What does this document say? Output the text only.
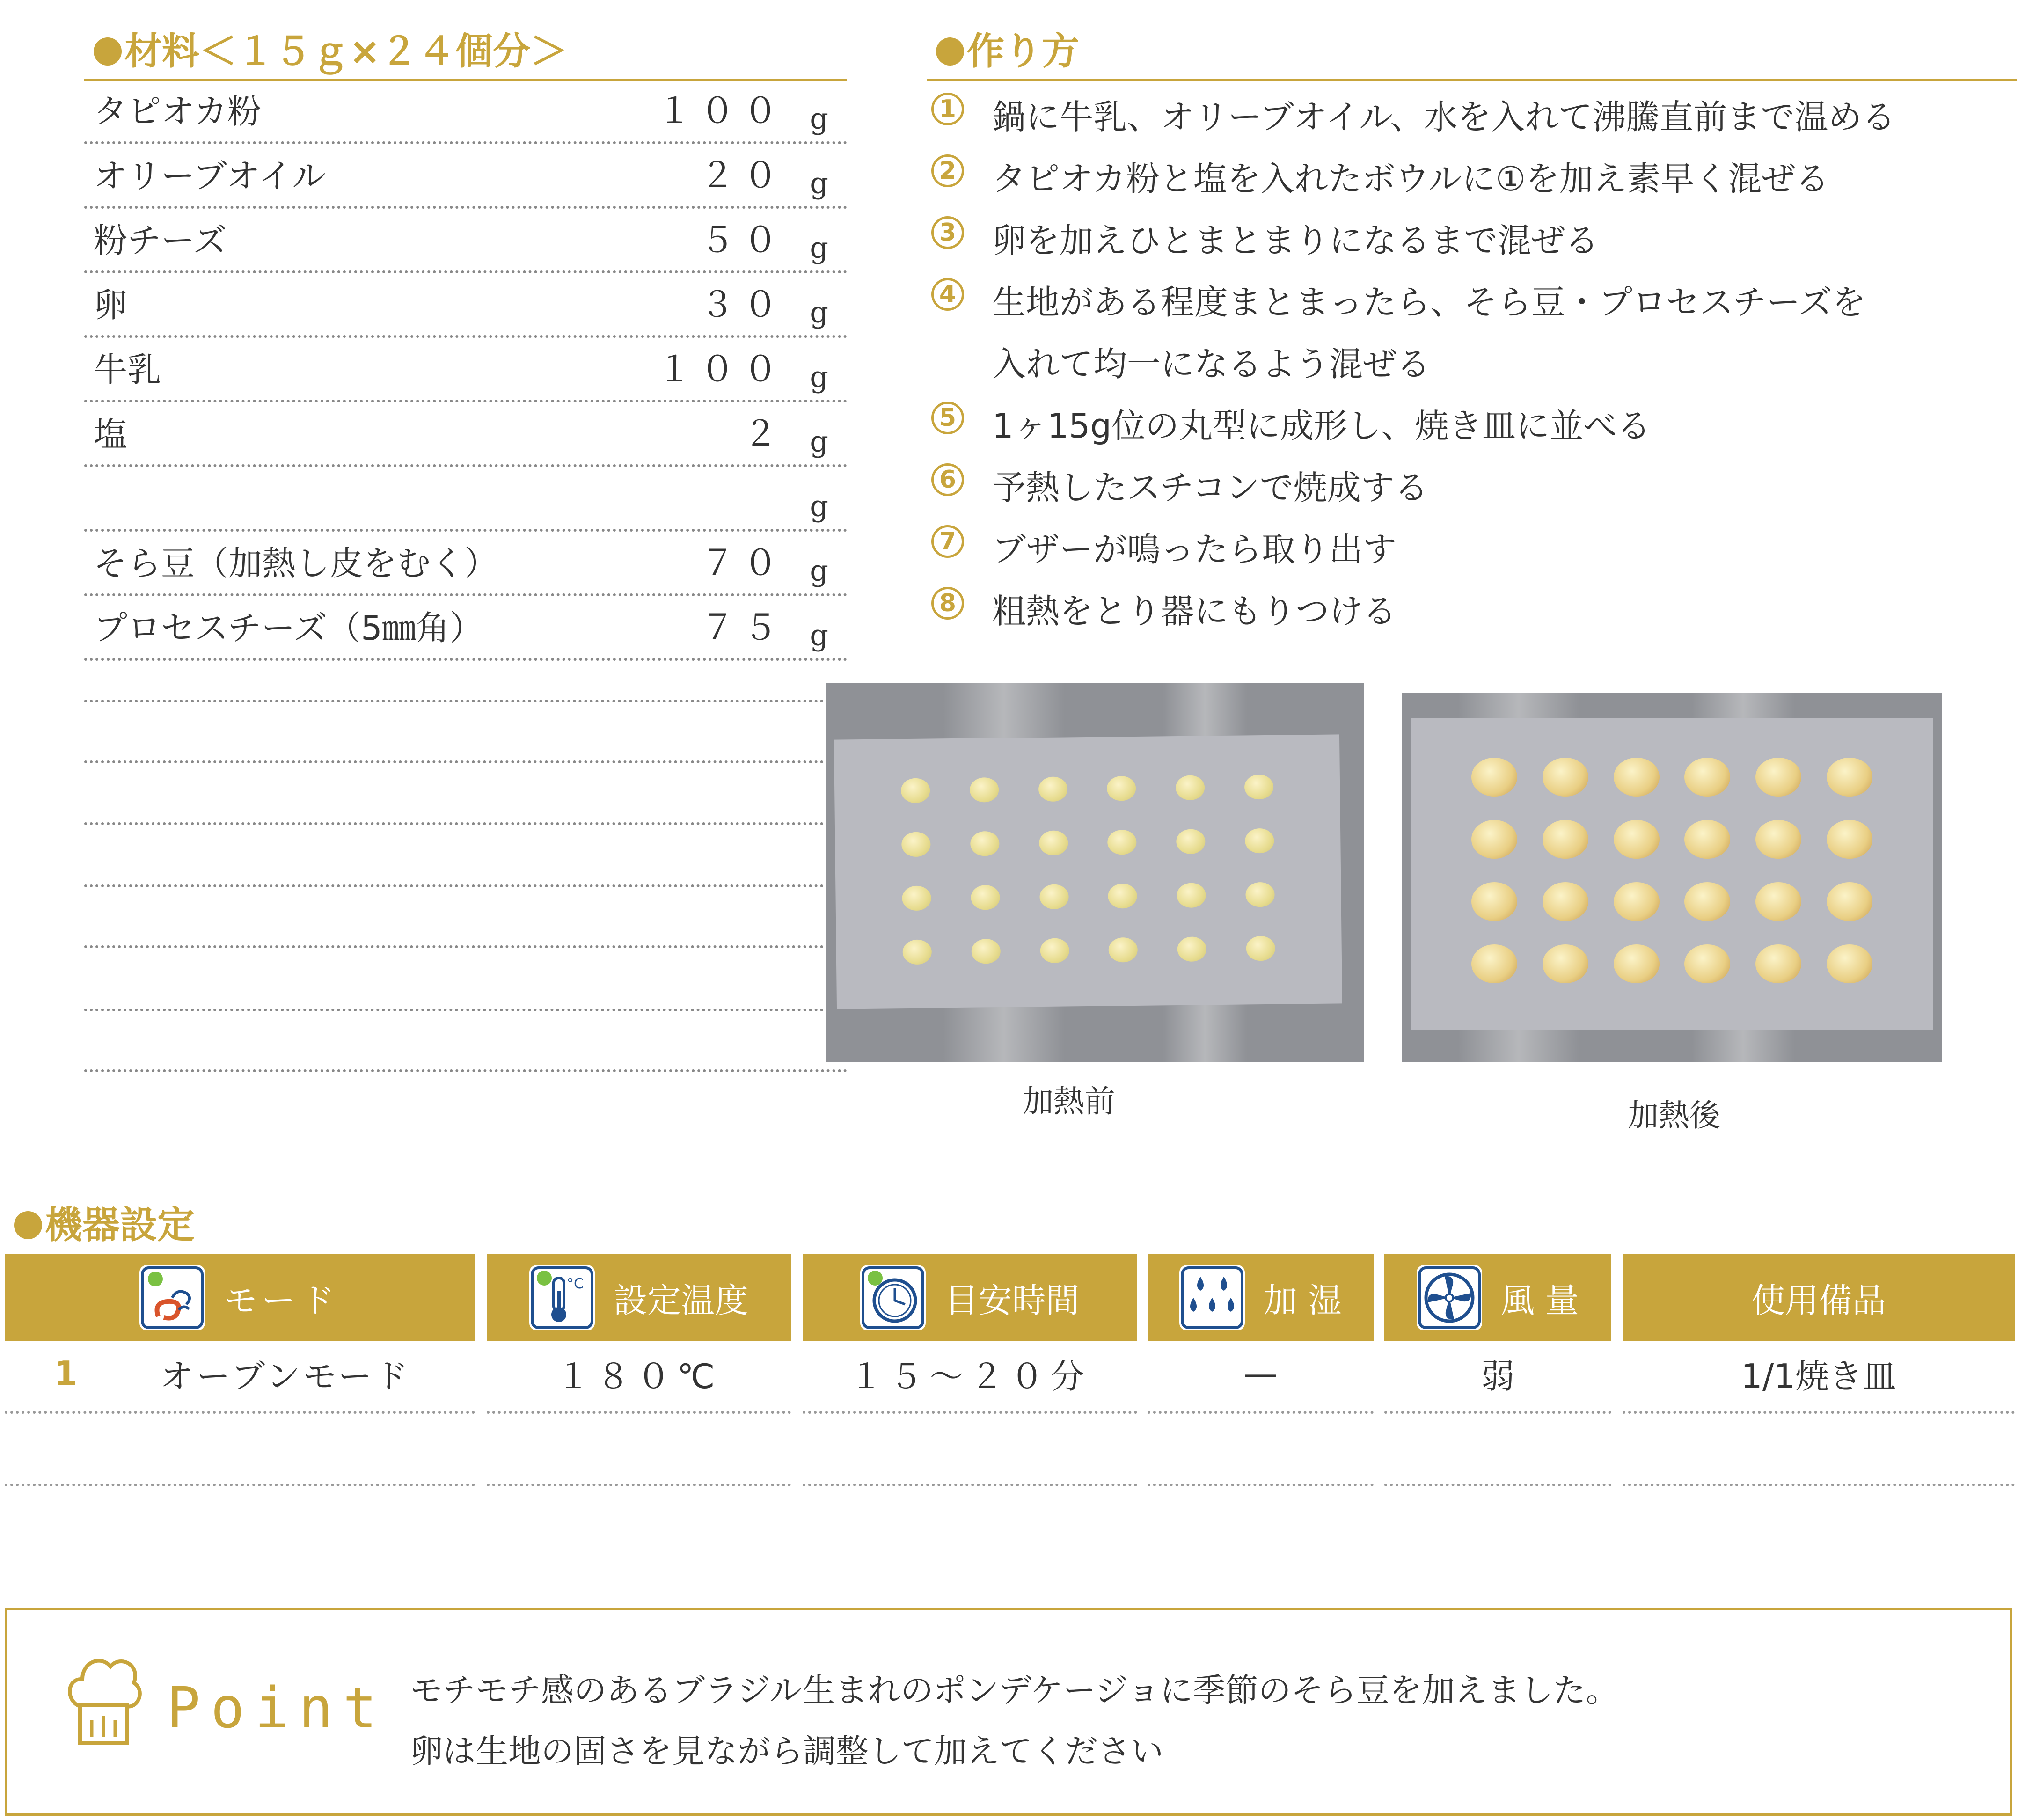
材料＜１５ｇ×２４個分＞
タピオカ粉	１００ g
オリーブオイル	２０ g
粉チーズ	５０ g
卵	３０ g
牛乳	１００ g
塩	２ g
g
そら豆（加熱し皮をむく）	７０ g
プロセスチーズ（5㎜角）	７５ g
作り方
1 鍋に牛乳、オリーブオイル、水を入れて沸騰直前まで温める
2 タピオカ粉と塩を入れたボウルに①を加え素早く混ぜる
3 卵を加えひとまとまりになるまで混ぜる
4 生地がある程度まとまったら、そら豆・プロセスチーズを
入れて均一になるよう混ぜる
5 1ヶ15g位の丸型に成形し、焼き皿に並べる
6 予熱したスチコンで焼成する
7 ブザーが鳴ったら取り出す
8 粗熱をとり器にもりつける
加熱前	加熱後
機器設定
モード	°C 設定温度	目安時間	加 湿	風 量	使用備品
1	オーブンモード	１８０℃	１５～２０分	—	弱	1/1焼き皿
Point モチモチ感のあるブラジル生まれのポンデケージョに季節のそら豆を加えました。
卵は生地の固さを見ながら調整して加えてください
